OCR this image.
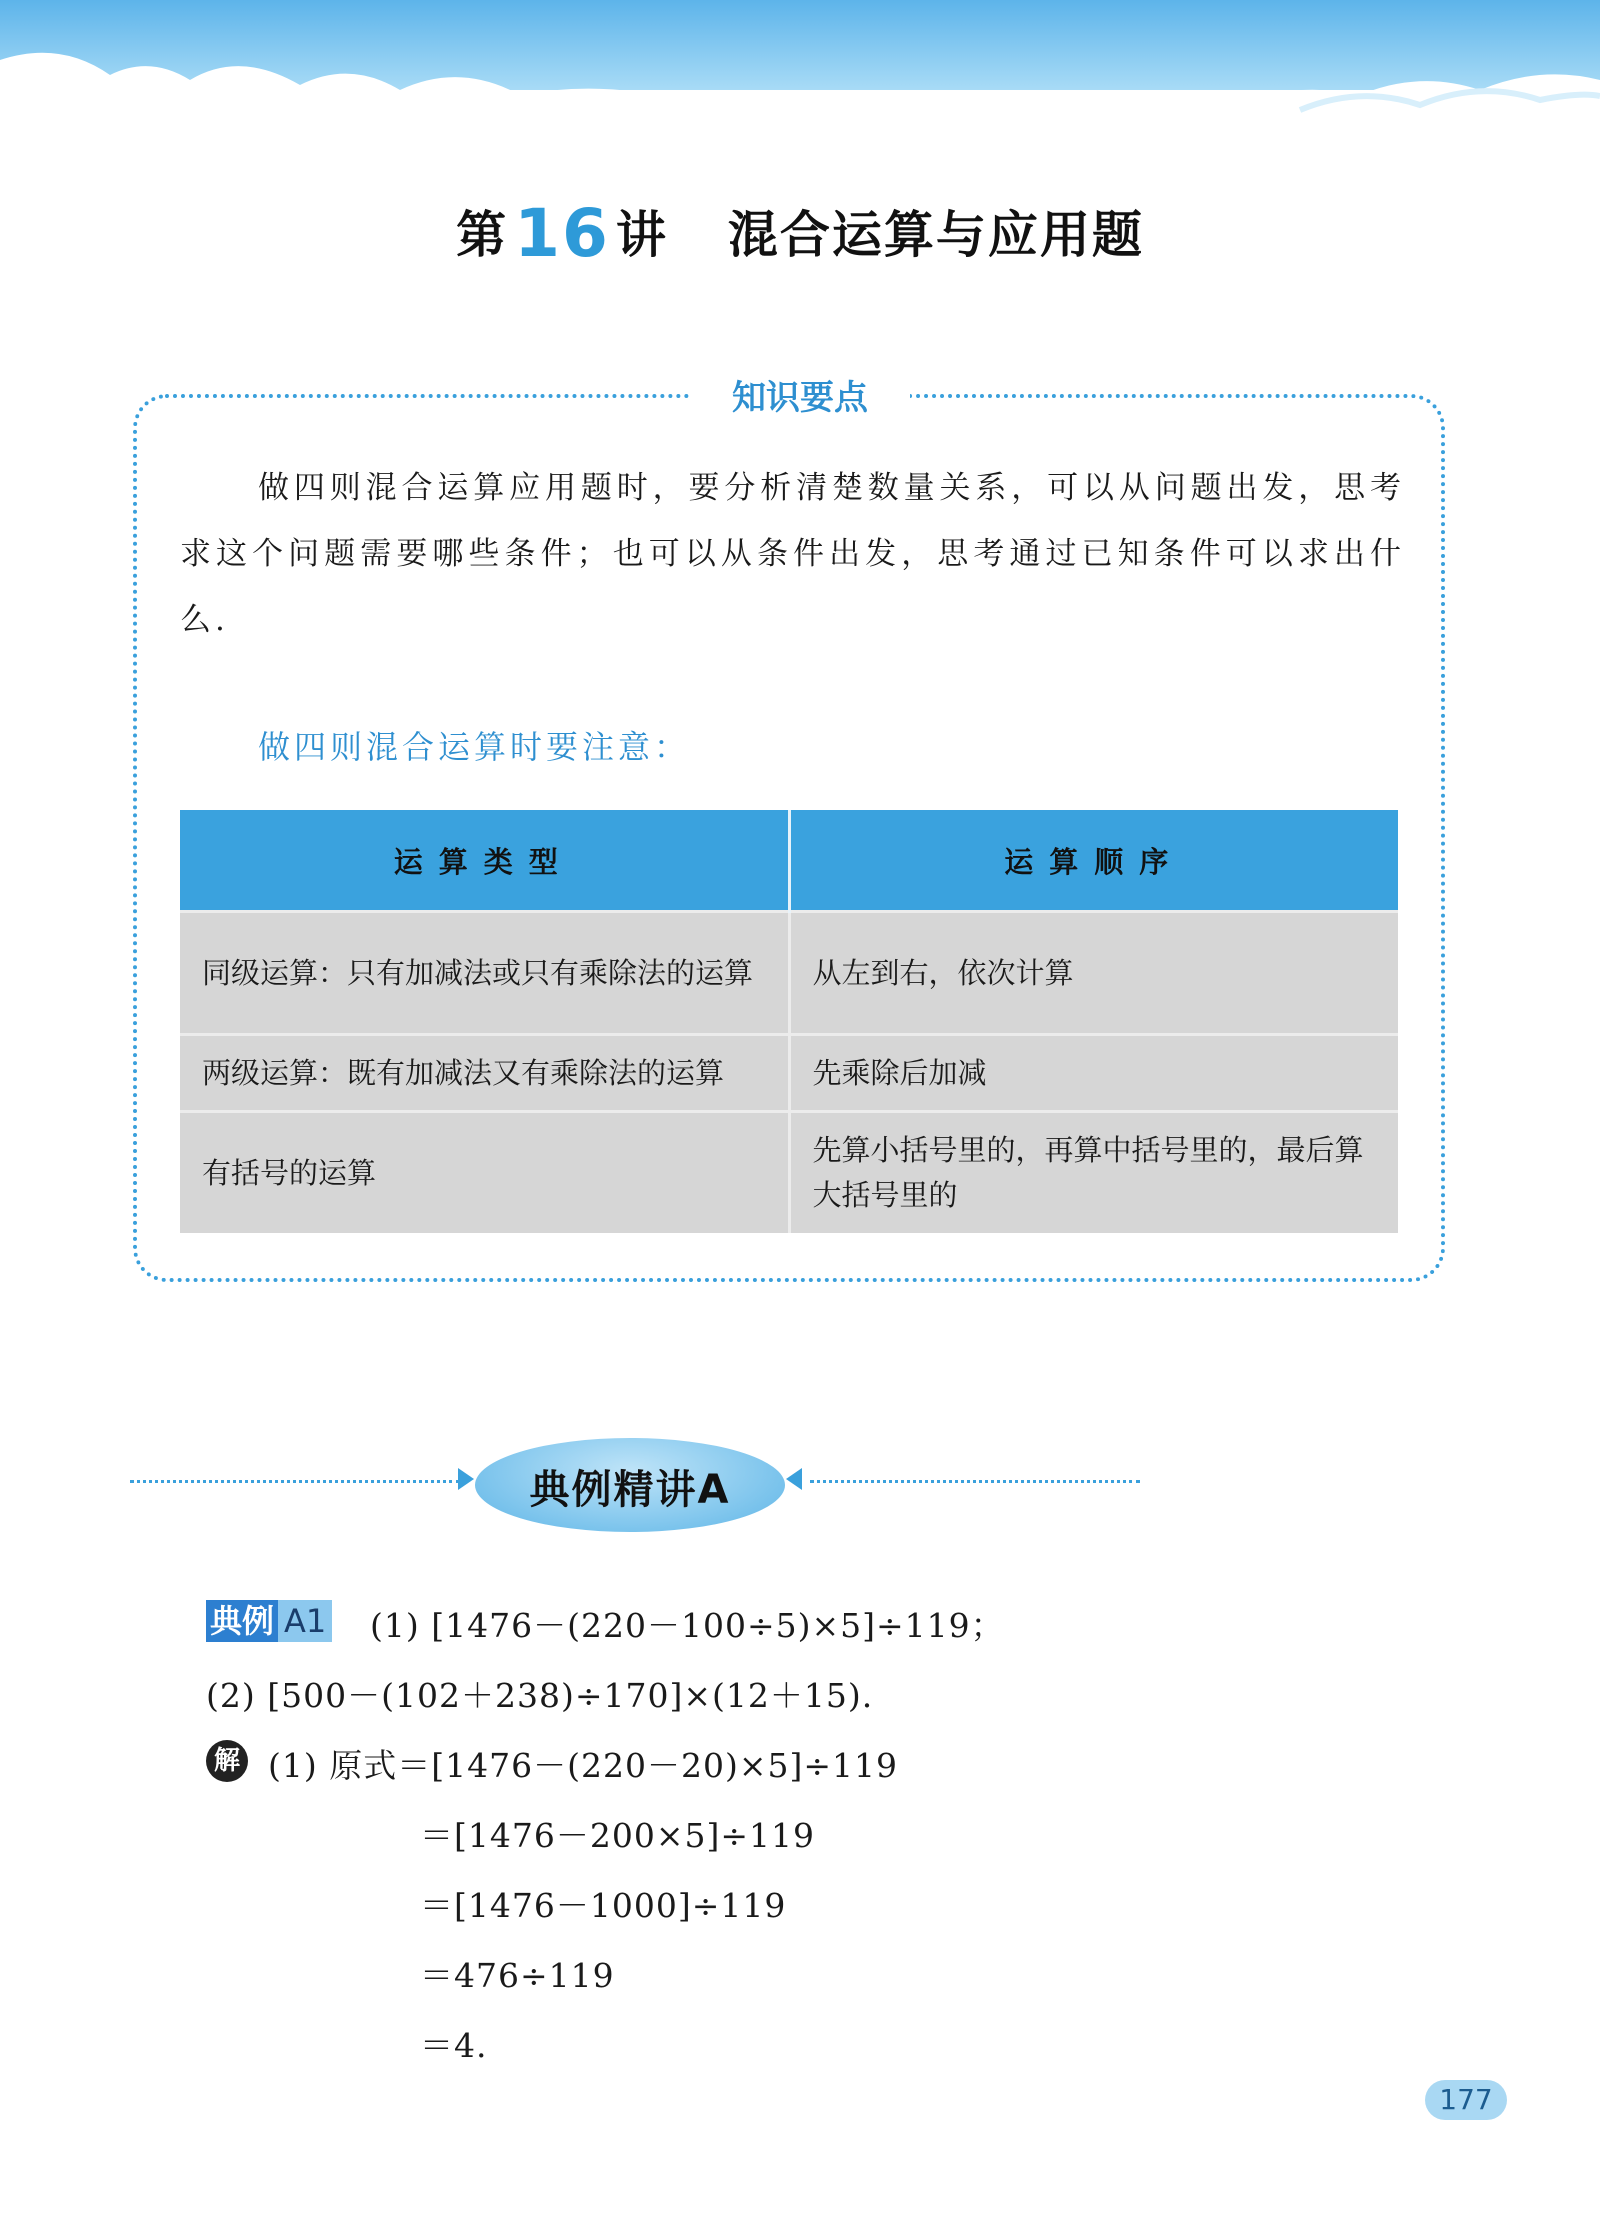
第16 讲 混合运算与应用题
知识要点
做四则混合运算应用题时，要分析清楚数量关系，可以从问题出发，思考求这个问题需要哪些条件；也可以从条件出发，思考通过已知条件可以求出什么.
做四则混合运算时要注意：
运算类型	运算顺序
同级运算：只有加减法或只有乘除法的运算	从左到右，依次计算
两级运算：既有加减法又有乘除法的运算	先乘除后加减
有括号的运算	先算小括号里的，再算中括号里的，最后算大括号里的
典例精讲A
典例 A1 (1) [1476－(220－100÷5)×5]÷119；
(2) [500－(102＋238)÷170]×(12＋15).
解 (1) 原式＝[1476－(220－20)×5]÷119
＝[1476－200×5]÷119
＝[1476－1000]÷119
＝476÷119
＝4.
177
